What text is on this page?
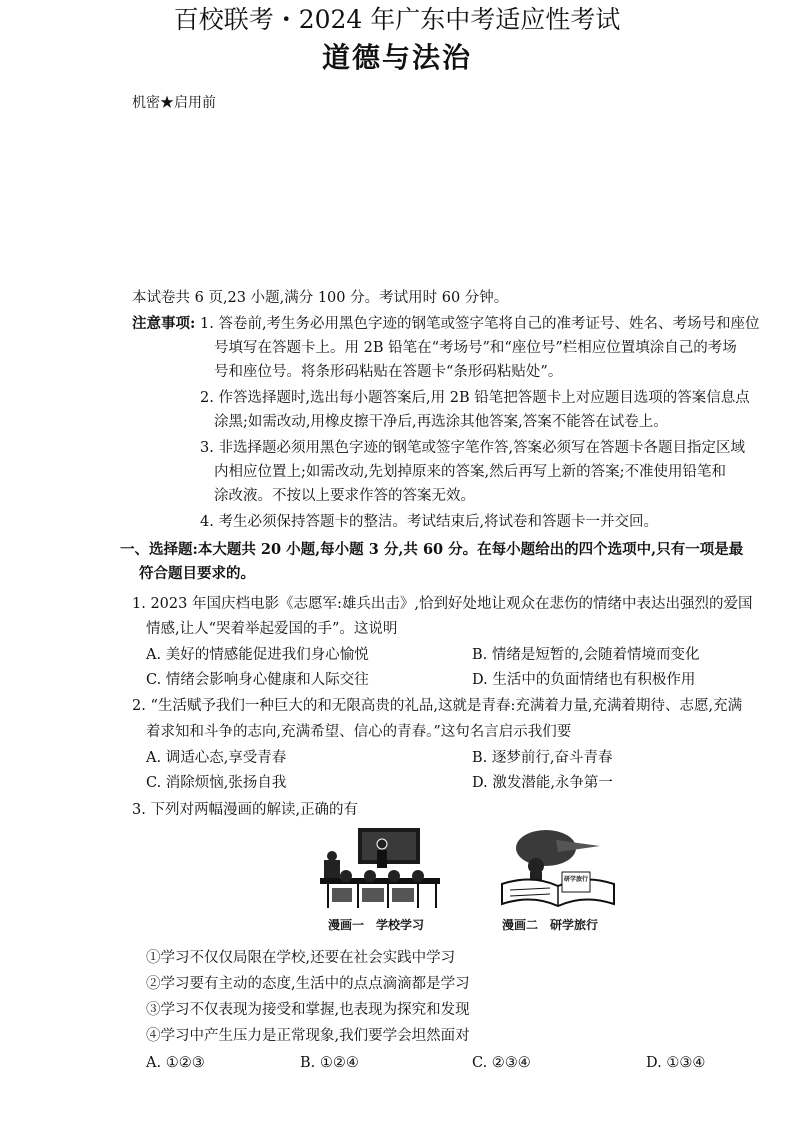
机密★启用前
百校联考・2024 年广东中考适应性考试
道德与法治
本试卷共 6 页,23 小题,满分 100 分。考试用时 60 分钟。
注意事项: 1. 答卷前,考生务必用黑色字迹的钢笔或签字笔将自己的准考证号、姓名、考场号和座位
号填写在答题卡上。用 2B 铅笔在“考场号”和“座位号”栏相应位置填涂自己的考场
号和座位号。将条形码粘贴在答题卡“条形码粘贴处”。
2. 作答选择题时,选出每小题答案后,用 2B 铅笔把答题卡上对应题目选项的答案信息点
涂黑;如需改动,用橡皮擦干净后,再选涂其他答案,答案不能答在试卷上。
3. 非选择题必须用黑色字迹的钢笔或签字笔作答,答案必须写在答题卡各题目指定区域
内相应位置上;如需改动,先划掉原来的答案,然后再写上新的答案;不准使用铅笔和
涂改液。不按以上要求作答的答案无效。
4. 考生必须保持答题卡的整洁。考试结束后,将试卷和答题卡一并交回。
一、选择题:本大题共 20 小题,每小题 3 分,共 60 分。在每小题给出的四个选项中,只有一项是最
符合题目要求的。
1. 2023 年国庆档电影《志愿军:雄兵出击》,恰到好处地让观众在悲伤的情绪中表达出强烈的爱国
情感,让人“哭着举起爱国的手”。这说明
A. 美好的情感能促进我们身心愉悦	B. 情绪是短暂的,会随着情境而变化
C. 情绪会影响身心健康和人际交往	D. 生活中的负面情绪也有积极作用
2. “生活赋予我们一种巨大的和无限高贵的礼品,这就是青春:充满着力量,充满着期待、志愿,充满
着求知和斗争的志向,充满希望、信心的青春。”这句名言启示我们要
A. 调适心态,享受青春	B. 逐梦前行,奋斗青春
C. 消除烦恼,张扬自我	D. 激发潜能,永争第一
3. 下列对两幅漫画的解读,正确的有
漫画一　学校学习
研学旅行
漫画二　研学旅行
①学习不仅仅局限在学校,还要在社会实践中学习
②学习要有主动的态度,生活中的点点滴滴都是学习
③学习不仅表现为接受和掌握,也表现为探究和发现
④学习中产生压力是正常现象,我们要学会坦然面对
A. ①②③	B. ①②④	C. ②③④	D. ①③④
